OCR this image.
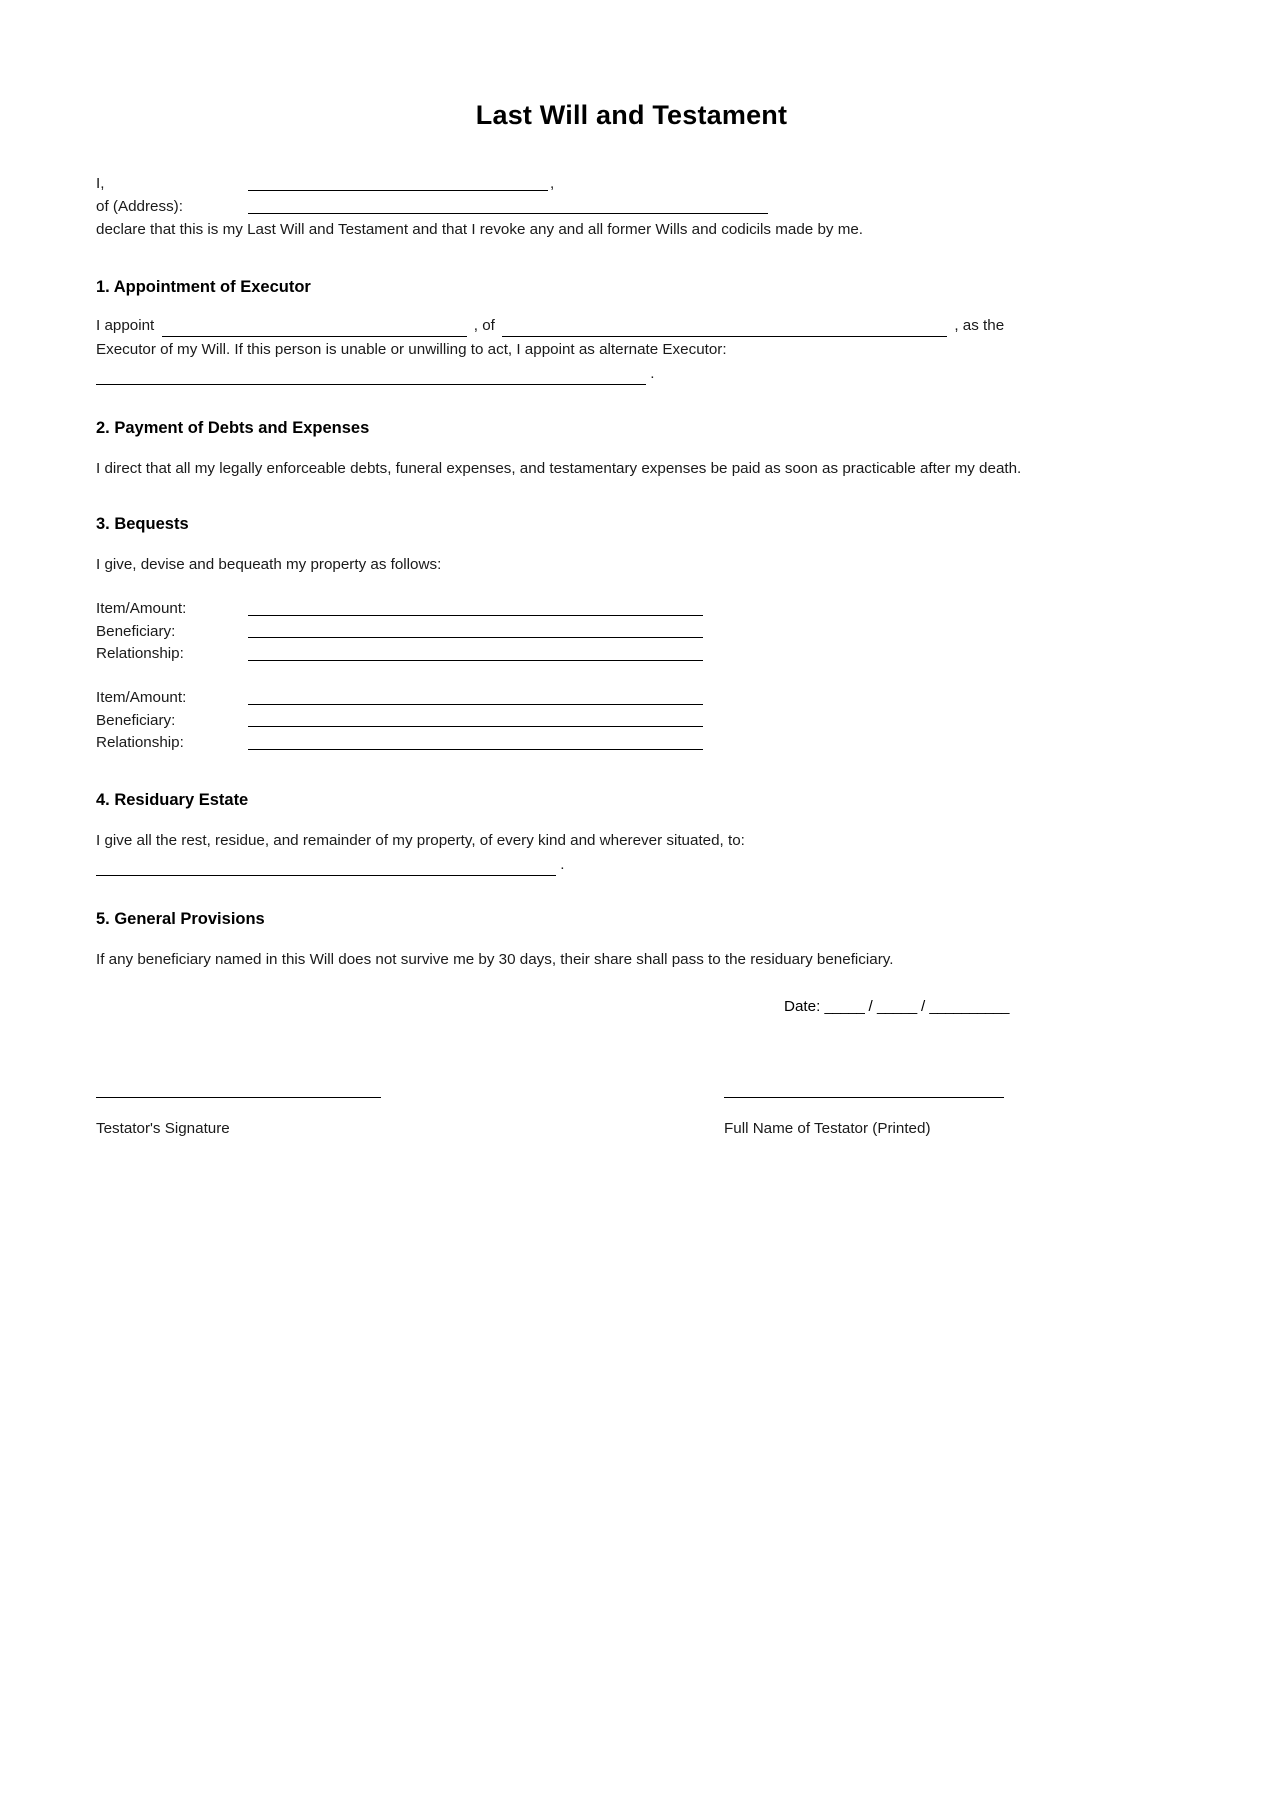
Last Will and Testament
I,	,
of (Address):
declare that this is my Last Will and Testament and that I revoke any and all former Wills and codicils made by me.
1. Appointment of Executor
I appoint	, of	, as the
Executor of my Will. If this person is unable or unwilling to act, I appoint as alternate Executor:
.
2. Payment of Debts and Expenses
I direct that all my legally enforceable debts, funeral expenses, and testamentary expenses be paid as soon as practicable after my death.
3. Bequests
I give, devise and bequeath my property as follows:
Item/Amount:
Beneficiary:
Relationship:
Item/Amount:
Beneficiary:
Relationship:
4. Residuary Estate
I give all the rest, residue, and remainder of my property, of every kind and wherever situated, to:
.
5. General Provisions
If any beneficiary named in this Will does not survive me by 30 days, their share shall pass to the residuary beneficiary.
Date: _____ / _____ / __________
Testator's Signature	Full Name of Testator (Printed)
